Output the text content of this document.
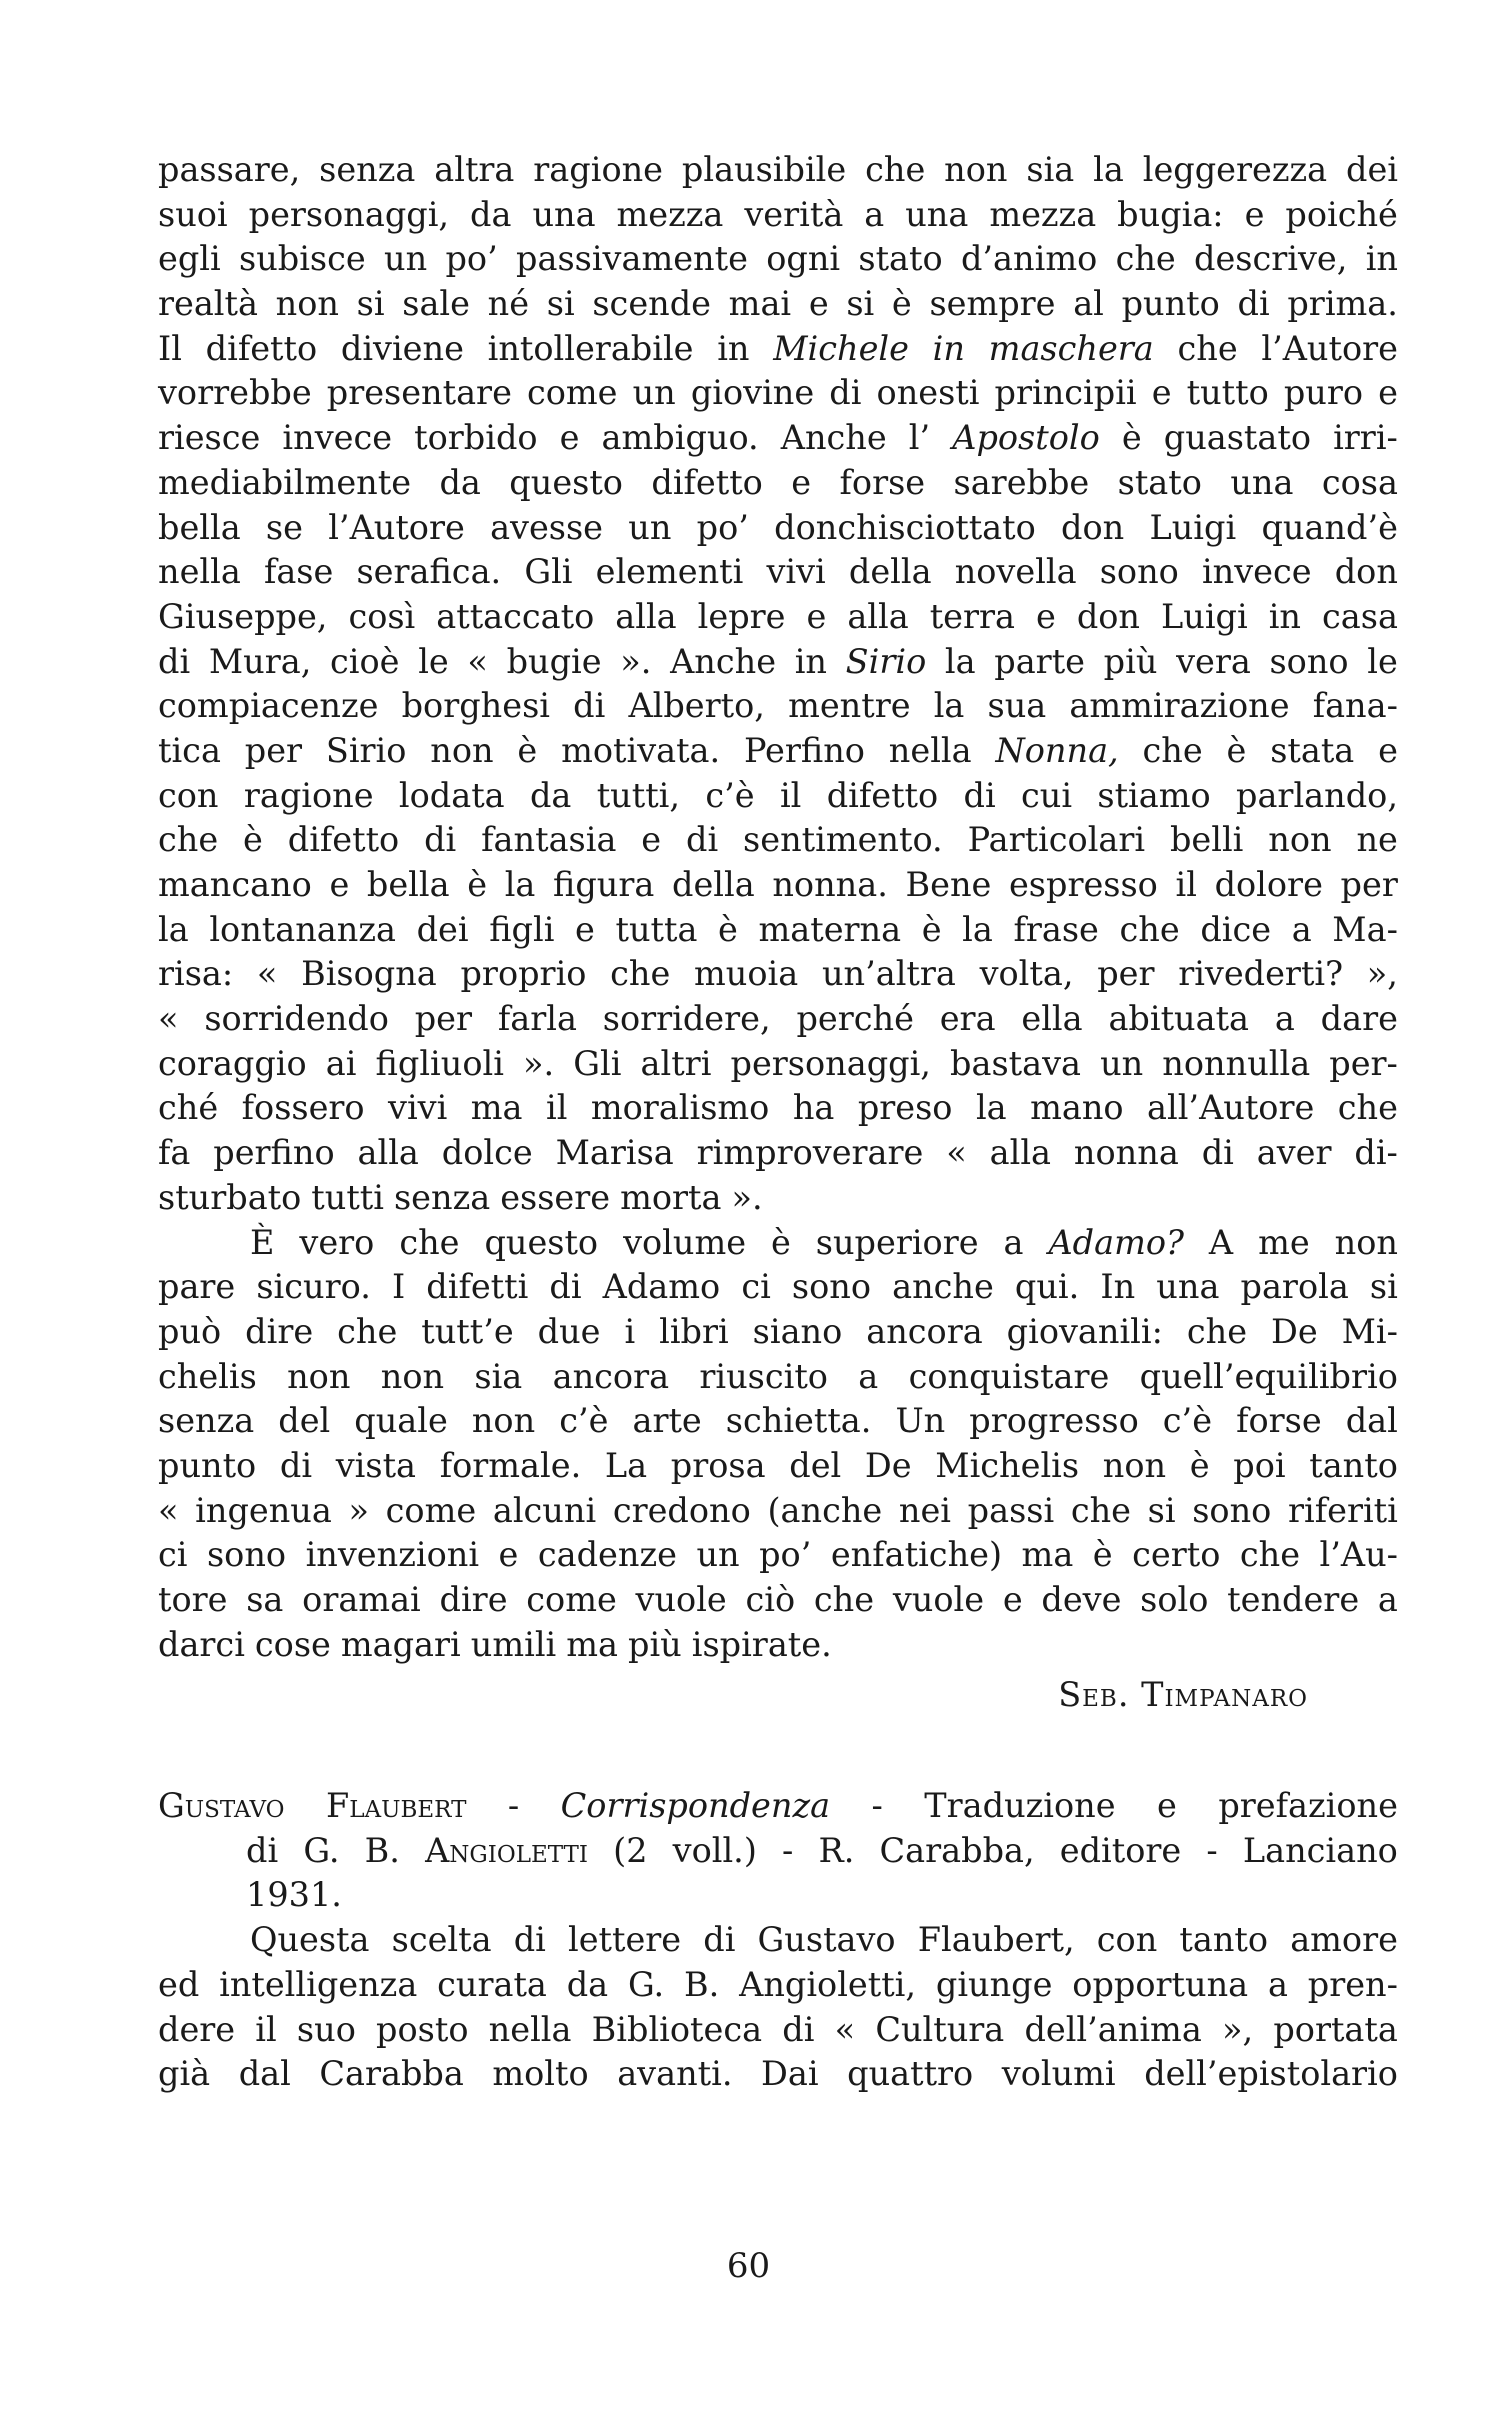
passare, senza altra ragione plausibile che non sia la leggerezza dei
suoi personaggi, da una mezza verità a una mezza bugia: e poiché
egli subisce un po’ passivamente ogni stato d’animo che descrive, in
realtà non si sale né si scende mai e si è sempre al punto di prima.
Il difetto diviene intollerabile in Michele in maschera che l’Autore
vorrebbe presentare come un giovine di onesti principii e tutto puro e
riesce invece torbido e ambiguo. Anche l’ Apostolo è guastato irri-
mediabilmente da questo difetto e forse sarebbe stato una cosa
bella se l’Autore avesse un po’ donchisciottato don Luigi quand’è
nella fase serafica. Gli elementi vivi della novella sono invece don
Giuseppe, così attaccato alla lepre e alla terra e don Luigi in casa
di Mura, cioè le « bugie ». Anche in Sirio la parte più vera sono le
compiacenze borghesi di Alberto, mentre la sua ammirazione fana-
tica per Sirio non è motivata. Perfino nella Nonna, che è stata e
con ragione lodata da tutti, c’è il difetto di cui stiamo parlando,
che è difetto di fantasia e di sentimento. Particolari belli non ne
mancano e bella è la figura della nonna. Bene espresso il dolore per
la lontananza dei figli e tutta è materna è la frase che dice a Ma-
risa: « Bisogna proprio che muoia un’altra volta, per rivederti? »,
« sorridendo per farla sorridere, perché era ella abituata a dare
coraggio ai figliuoli ». Gli altri personaggi, bastava un nonnulla per-
ché fossero vivi ma il moralismo ha preso la mano all’Autore che
fa perfino alla dolce Marisa rimproverare « alla nonna di aver di-
sturbato tutti senza essere morta ».
È vero che questo volume è superiore a Adamo? A me non
pare sicuro. I difetti di Adamo ci sono anche qui. In una parola si
può dire che tutt’e due i libri siano ancora giovanili: che De Mi-
chelis non non sia ancora riuscito a conquistare quell’equilibrio
senza del quale non c’è arte schietta. Un progresso c’è forse dal
punto di vista formale. La prosa del De Michelis non è poi tanto
« ingenua » come alcuni credono (anche nei passi che si sono riferiti
ci sono invenzioni e cadenze un po’ enfatiche) ma è certo che l’Au-
tore sa oramai dire come vuole ciò che vuole e deve solo tendere a
darci cose magari umili ma più ispirate.
Seb. Timpanaro
Gustavo Flaubert - Corrispondenza - Traduzione e prefazione
di G. B. Angioletti (2 voll.) - R. Carabba, editore - Lanciano
1931.
Questa scelta di lettere di Gustavo Flaubert, con tanto amore
ed intelligenza curata da G. B. Angioletti, giunge opportuna a pren-
dere il suo posto nella Biblioteca di « Cultura dell’anima », portata
già dal Carabba molto avanti. Dai quattro volumi dell’epistolario
60
